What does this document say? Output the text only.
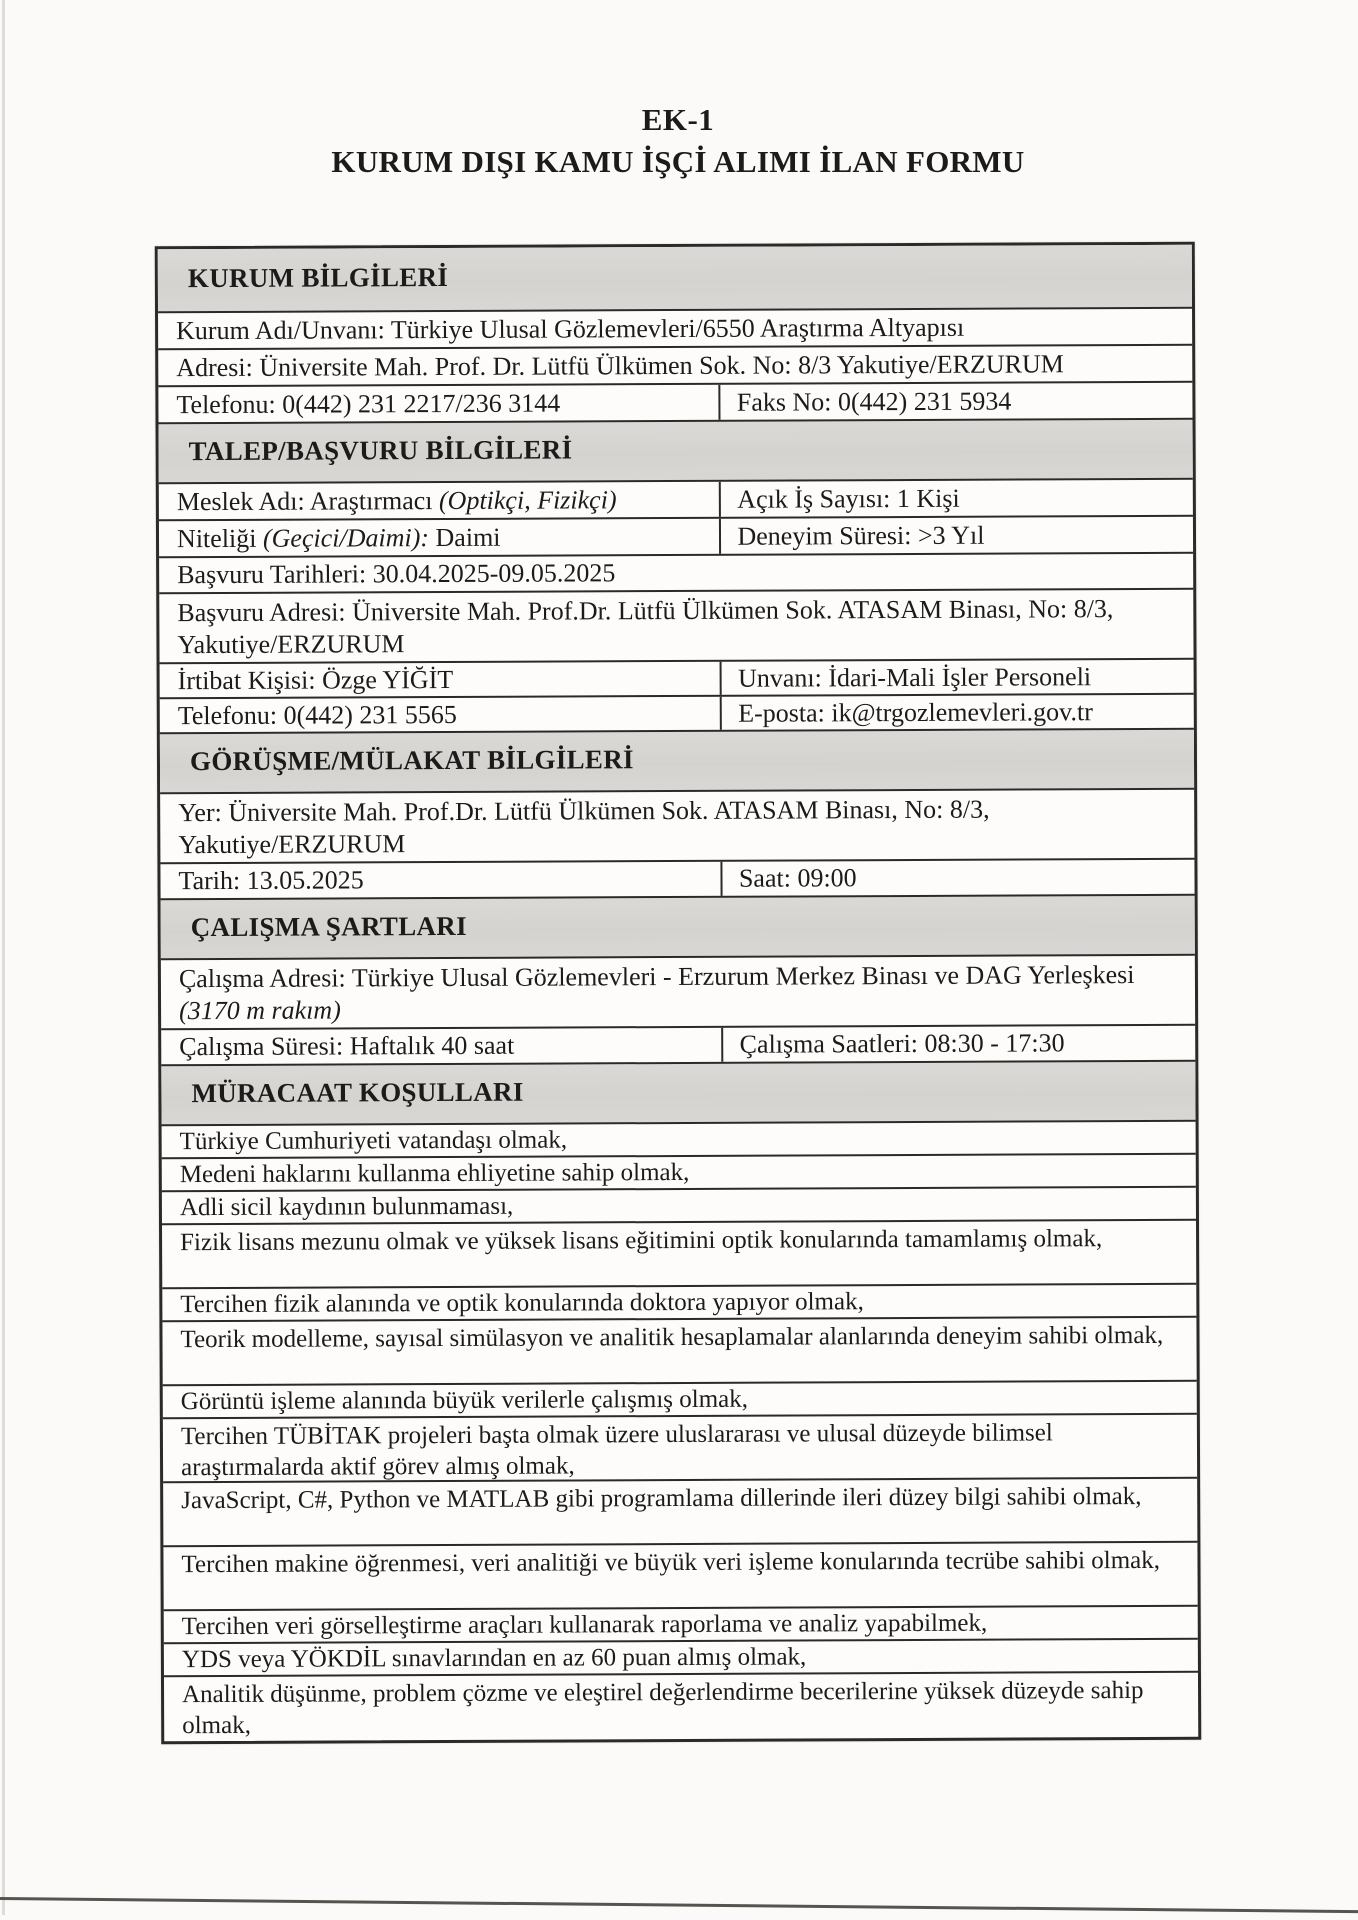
EK-1
KURUM DIŞI KAMU İŞÇİ ALIMI İLAN FORMU
KURUM BİLGİLERİ
Kurum Adı/Unvanı: Türkiye Ulusal Gözlemevleri/6550 Araştırma Altyapısı
Adresi: Üniversite Mah. Prof. Dr. Lütfü Ülkümen Sok. No: 8/3 Yakutiye/ERZURUM
Telefonu: 0(442) 231 2217/236 3144	Faks No: 0(442) 231 5934
TALEP/BAŞVURU BİLGİLERİ
Meslek Adı: Araştırmacı (Optikçi, Fizikçi)	Açık İş Sayısı: 1 Kişi
Niteliği (Geçici/Daimi): Daimi	Deneyim Süresi: >3 Yıl
Başvuru Tarihleri: 30.04.2025-09.05.2025
Başvuru Adresi: Üniversite Mah. Prof.Dr. Lütfü Ülkümen Sok. ATASAM Binası, No: 8/3, Yakutiye/ERZURUM
İrtibat Kişisi: Özge YİĞİT	Unvanı: İdari-Mali İşler Personeli
Telefonu: 0(442) 231 5565	E-posta: ik@trgozlemevleri.gov.tr
GÖRÜŞME/MÜLAKAT BİLGİLERİ
Yer: Üniversite Mah. Prof.Dr. Lütfü Ülkümen Sok. ATASAM Binası, No: 8/3, Yakutiye/ERZURUM
Tarih: 13.05.2025	Saat: 09:00
ÇALIŞMA ŞARTLARI
Çalışma Adresi: Türkiye Ulusal Gözlemevleri - Erzurum Merkez Binası ve DAG Yerleşkesi (3170 m rakım)
Çalışma Süresi: Haftalık 40 saat	Çalışma Saatleri: 08:30 - 17:30
MÜRACAAT KOŞULLARI
Türkiye Cumhuriyeti vatandaşı olmak,
Medeni haklarını kullanma ehliyetine sahip olmak,
Adli sicil kaydının bulunmaması,
Fizik lisans mezunu olmak ve yüksek lisans eğitimini optik konularında tamamlamış olmak,
Tercihen fizik alanında ve optik konularında doktora yapıyor olmak,
Teorik modelleme, sayısal simülasyon ve analitik hesaplamalar alanlarında deneyim sahibi olmak,
Görüntü işleme alanında büyük verilerle çalışmış olmak,
Tercihen TÜBİTAK projeleri başta olmak üzere uluslararası ve ulusal düzeyde bilimsel araştırmalarda aktif görev almış olmak,
JavaScript, C#, Python ve MATLAB gibi programlama dillerinde ileri düzey bilgi sahibi olmak,
Tercihen makine öğrenmesi, veri analitiği ve büyük veri işleme konularında tecrübe sahibi olmak,
Tercihen veri görselleştirme araçları kullanarak raporlama ve analiz yapabilmek,
YDS veya YÖKDİL sınavlarından en az 60 puan almış olmak,
Analitik düşünme, problem çözme ve eleştirel değerlendirme becerilerine yüksek düzeyde sahip olmak,
